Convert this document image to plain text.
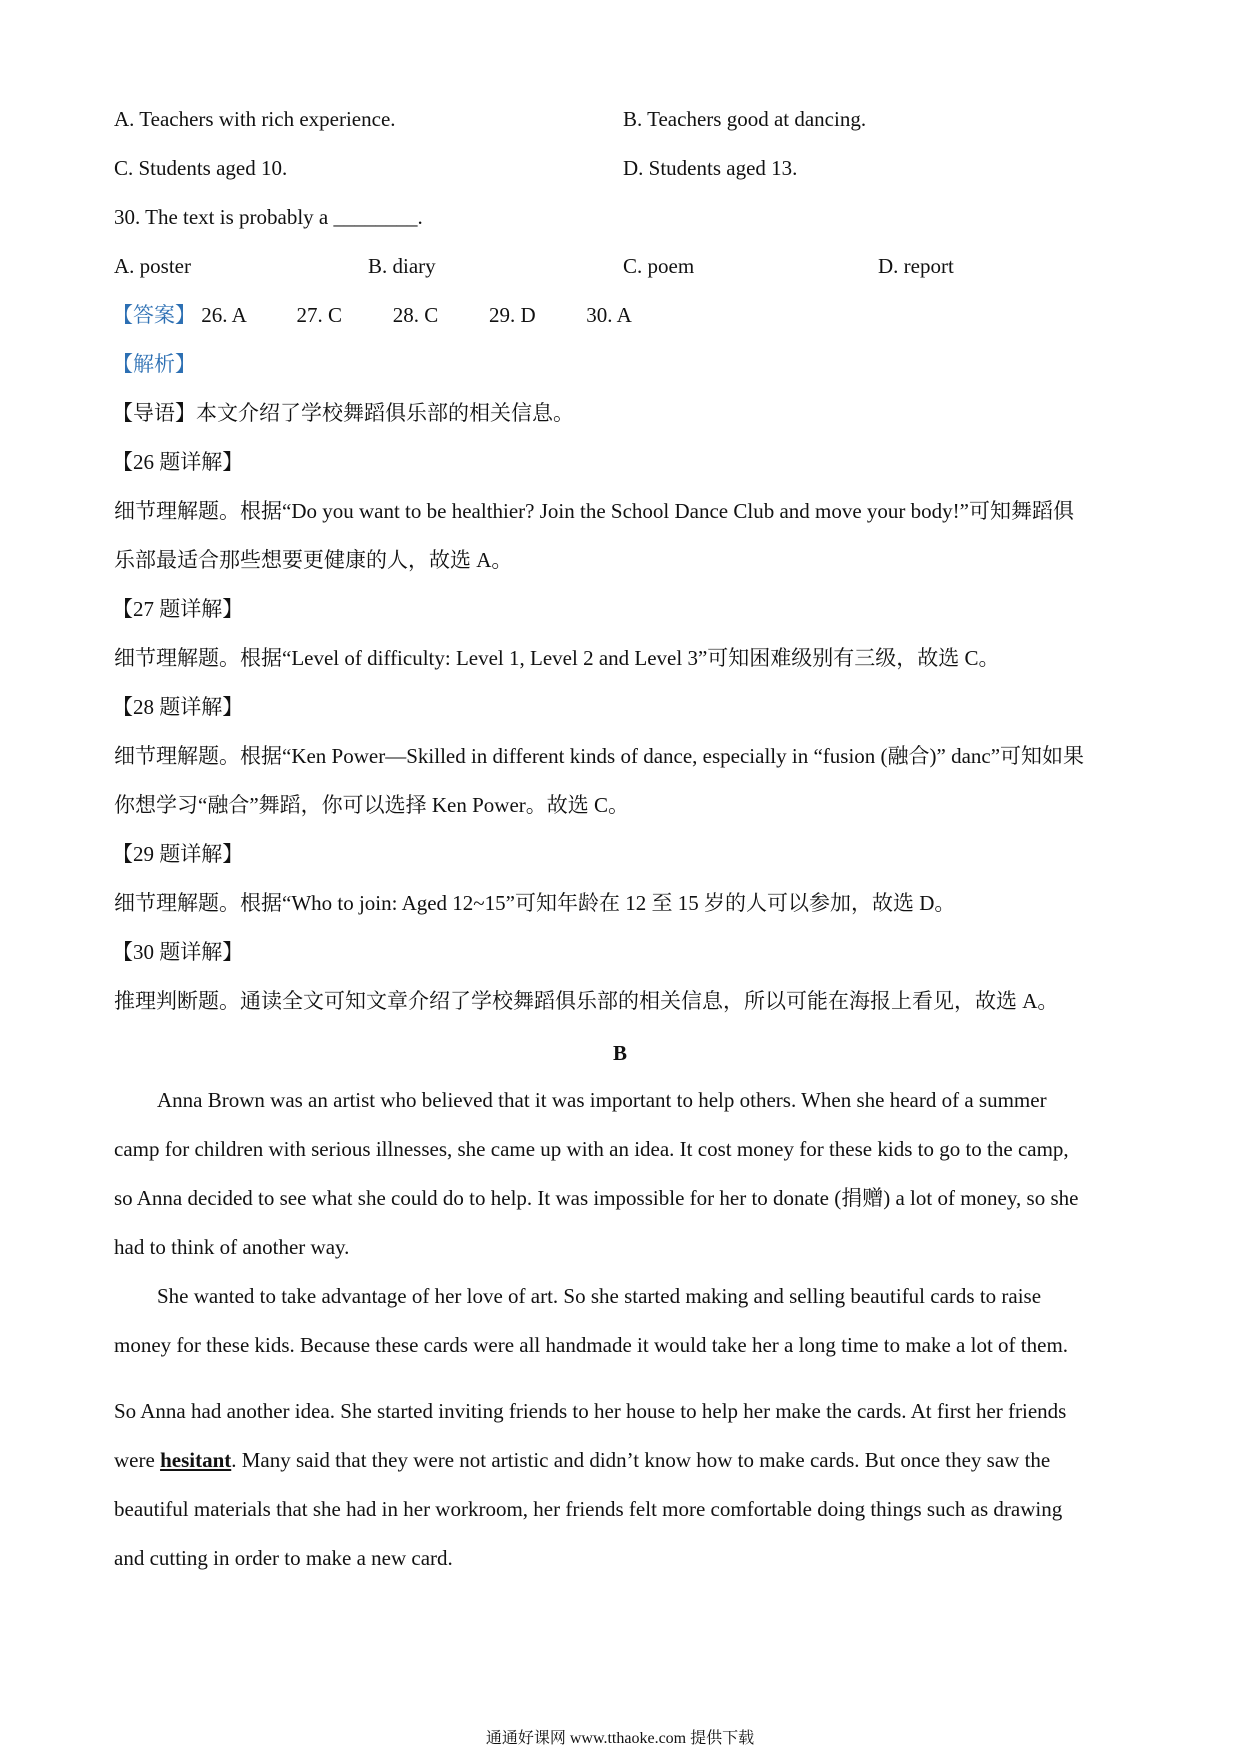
A. Teachers with rich experience.	B. Teachers good at dancing.
C. Students aged 10.	D. Students aged 13.
30. The text is probably a ________.
A. poster	B. diary	C. poem	D. report
【答案】 26. A 27. C 28. C 29. D 30. A
【解析】
【导语】本文介绍了学校舞蹈俱乐部的相关信息。
【26 题详解】
细节理解题。根据“Do you want to be healthier? Join the School Dance Club and move your body!”可知舞蹈俱
乐部最适合那些想要更健康的人，故选 A。
【27 题详解】
细节理解题。根据“Level of difficulty: Level 1, Level 2 and Level 3”可知困难级别有三级，故选 C。
【28 题详解】
细节理解题。根据“Ken Power—Skilled in different kinds of dance, especially in “fusion (融合)” danc”可知如果
你想学习“融合”舞蹈，你可以选择 Ken Power。故选 C。
【29 题详解】
细节理解题。根据“Who to join: Aged 12~15”可知年龄在 12 至 15 岁的人可以参加，故选 D。
【30 题详解】
推理判断题。通读全文可知文章介绍了学校舞蹈俱乐部的相关信息，所以可能在海报上看见，故选 A。
B
Anna Brown was an artist who believed that it was important to help others. When she heard of a summer
camp for children with serious illnesses, she came up with an idea. It cost money for these kids to go to the camp,
so Anna decided to see what she could do to help. It was impossible for her to donate (捐赠) a lot of money, so she
had to think of another way.
She wanted to take advantage of her love of art. So she started making and selling beautiful cards to raise
money for these kids. Because these cards were all handmade it would take her a long time to make a lot of them.
So Anna had another idea. She started inviting friends to her house to help her make the cards. At first her friends
were hesitant. Many said that they were not artistic and didn’t know how to make cards. But once they saw the
beautiful materials that she had in her workroom, her friends felt more comfortable doing things such as drawing
and cutting in order to make a new card.
通通好课网 www.tthaoke.com 提供下载
